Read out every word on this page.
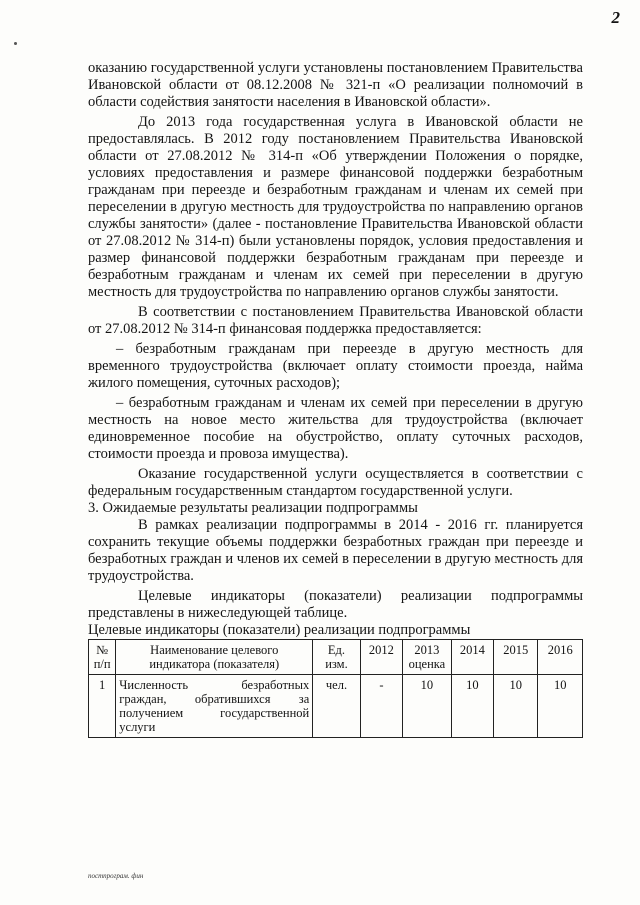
2

оказанию государственной услуги установлены постановлением Правительства Ивановской области от 08.12.2008 № 321-п «О реализации полномочий в области содействия занятости населения в Ивановской области».

До 2013 года государственная услуга в Ивановской области не предоставлялась. В 2012 году постановлением Правительства Ивановской области от 27.08.2012 № 314-п «Об утверждении Положения о порядке, условиях предоставления и размере финансовой поддержки безработным гражданам при переезде и безработным гражданам и членам их семей при переселении в другую местность для трудоустройства по направлению органов службы занятости» (далее - постановление Правительства Ивановской области от 27.08.2012 № 314-п) были установлены порядок, условия предоставления и размер финансовой поддержки безработным гражданам при переезде и безработным гражданам и членам их семей при переселении в другую местность для трудоустройства по направлению органов службы занятости.

В соответствии с постановлением Правительства Ивановской области от 27.08.2012 № 314-п финансовая поддержка предоставляется:

– безработным гражданам при переезде в другую местность для временного трудоустройства (включает оплату стоимости проезда, найма жилого помещения, суточных расходов);

– безработным гражданам и членам их семей при переселении в другую местность на новое место жительства для трудоустройства (включает единовременное пособие на обустройство, оплату суточных расходов, стоимости проезда и провоза имущества).

Оказание государственной услуги осуществляется в соответствии с федеральным государственным стандартом государственной услуги.

3. Ожидаемые результаты реализации подпрограммы

В рамках реализации подпрограммы в 2014 - 2016 гг. планируется сохранить текущие объемы поддержки безработных граждан при переезде и безработных граждан и членов их семей в переселении в другую местность для трудоустройства.

Целевые индикаторы (показатели) реализации подпрограммы представлены в нижеследующей таблице.

Целевые индикаторы (показатели) реализации подпрограммы

№ п/п	Наименование целевого индикатора (показателя)	Ед. изм.	2012	2013 оценка	2014	2015	2016
1	Численность безработных граждан, обратившихся за получением государственной услуги	чел.	-	10	10	10	10
постпрограм. фин
